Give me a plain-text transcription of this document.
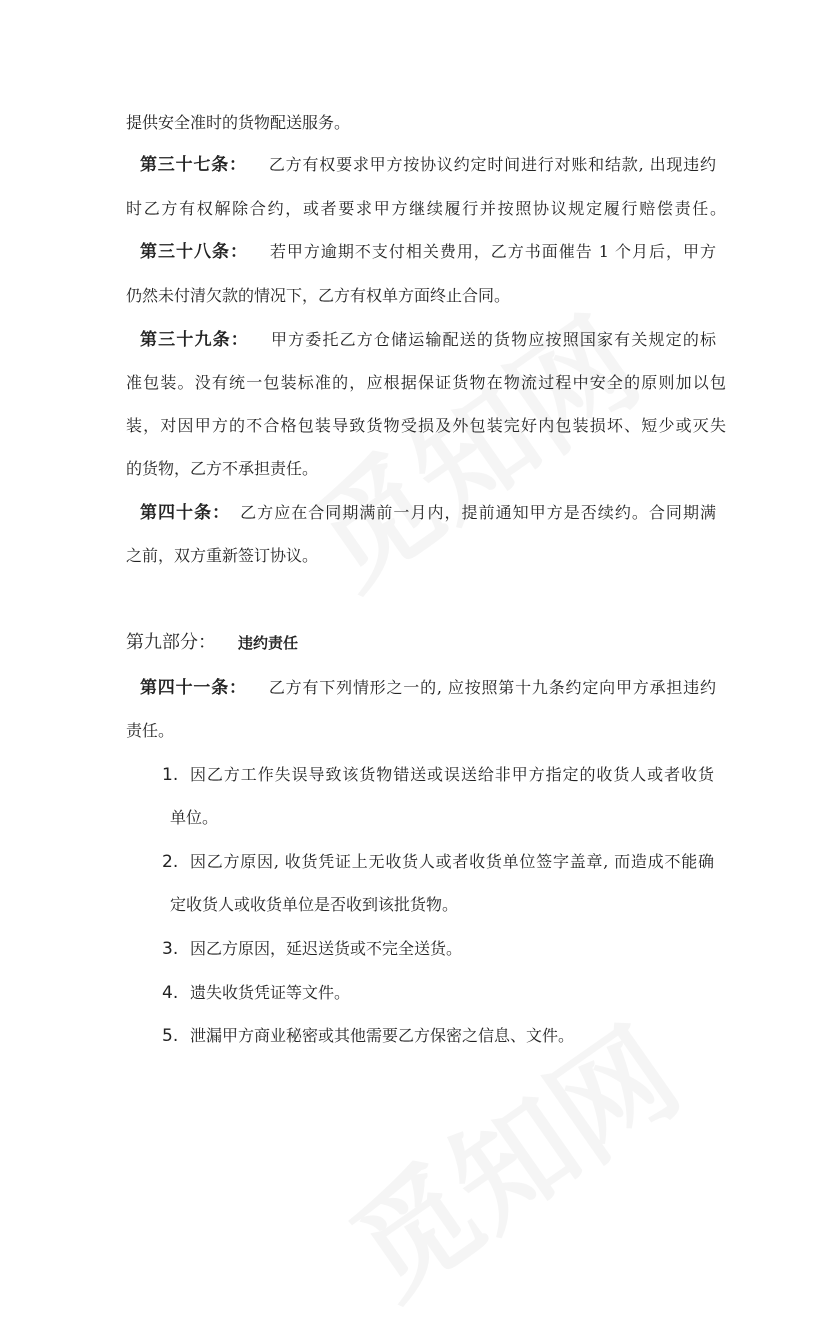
提供安全准时的货物配送服务。
第三十七条： 乙方有权要求甲方按协议约定时间进行对账和结款, 出现违约
时乙方有权解除合约，或者要求甲方继续履行并按照协议规定履行赔偿责任。
第三十八条： 若甲方逾期不支付相关费用，乙方书面催告 1 个月后，甲方
仍然未付清欠款的情况下，乙方有权单方面终止合同。
第三十九条： 甲方委托乙方仓储运输配送的货物应按照国家有关规定的标
准包装。没有统一包装标准的，应根据保证货物在物流过程中安全的原则加以包
装，对因甲方的不合格包装导致货物受损及外包装完好内包装损坏、短少或灭失
的货物，乙方不承担责任。
第四十条： 乙方应在合同期满前一月内，提前通知甲方是否续约。合同期满
之前，双方重新签订协议。
第九部分： 违约责任
第四十一条： 乙方有下列情形之一的, 应按照第十九条约定向甲方承担违约
责任。
1. 因乙方工作失误导致该货物错送或误送给非甲方指定的收货人或者收货
单位。
2. 因乙方原因, 收货凭证上无收货人或者收货单位签字盖章, 而造成不能确
定收货人或收货单位是否收到该批货物。
3. 因乙方原因，延迟送货或不完全送货。
4. 遗失收货凭证等文件。
5. 泄漏甲方商业秘密或其他需要乙方保密之信息、文件。
